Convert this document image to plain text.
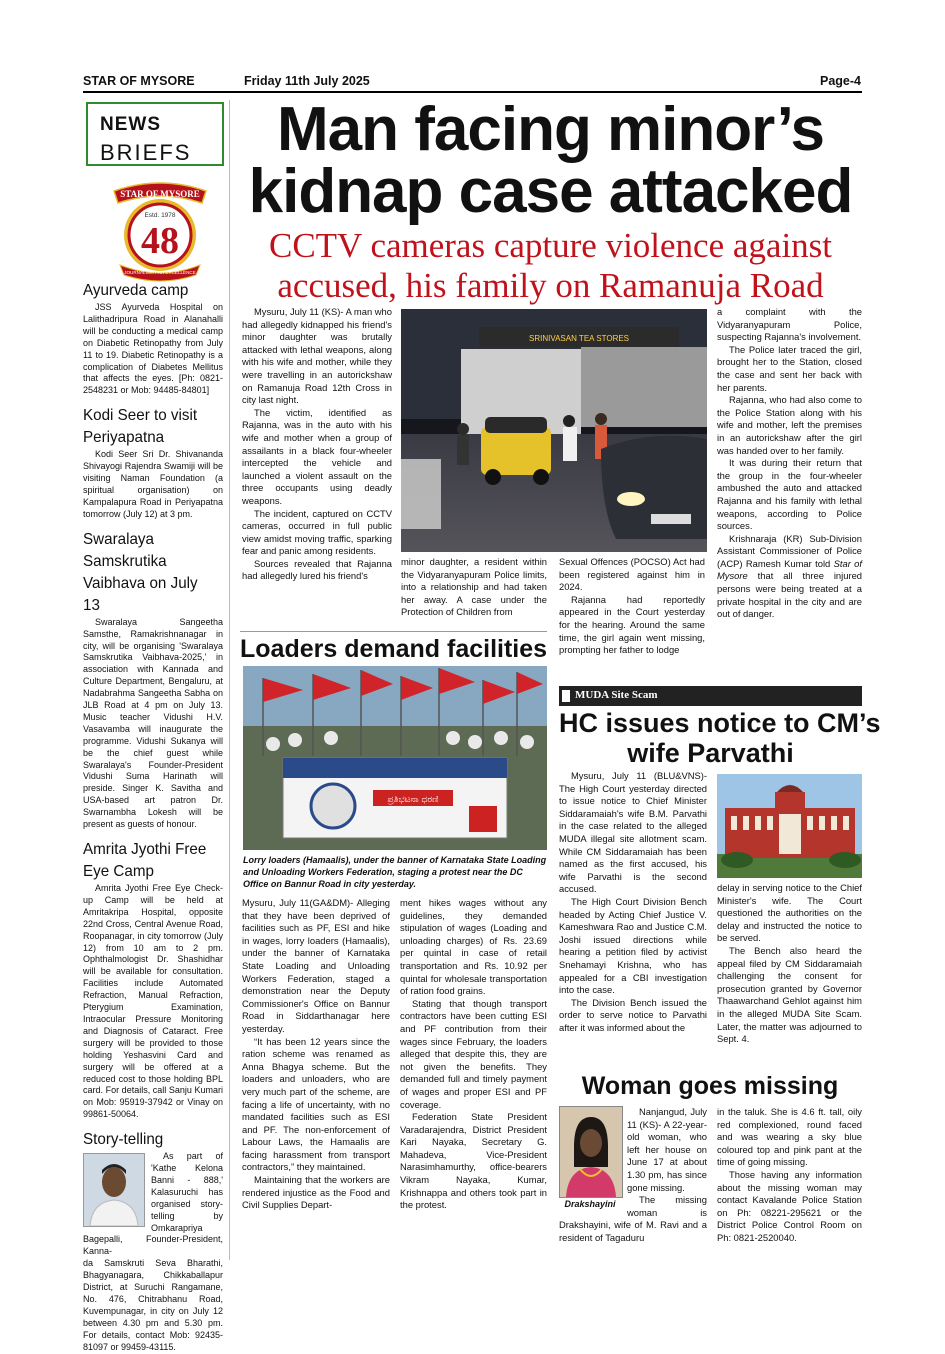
STAR OF MYSORE	Friday 11th July 2025	Page-4
NEWS
BRIEFS
STAR OF MYSORE
Estd. 1978
48
JOURNALISM PAR EXCELLENCE
Ayurveda camp

JSS Ayurveda Hospital on Lalithadripura Road in Alanahalli will be conducting a medical camp on Diabetic Retinopathy from July 11 to 19. Diabetic Retinopathy is a complication of Diabetes Mellitus that affects the eyes. [Ph: 0821-2548231 or Mob: 94485-84801]

Kodi Seer to visit Periyapatna

Kodi Seer Sri Dr. Shivananda Shivayogi Rajendra Swamiji will be visiting Naman Foundation (a spiritual organisation) on Kampalapura Road in Periyapatna tomorrow (July 12) at 3 pm.

Swaralaya Samskrutika Vaibhava on July 13

Swaralaya Sangeetha Samsthe, Ramakrishnanagar in city, will be organising 'Swaralaya Samskrutika Vaibhava-2025,' in association with Kannada and Culture Department, Bengaluru, at Nadabrahma Sangeetha Sabha on JLB Road at 4 pm on July 13. Music teacher Vidushi H.V. Vasavamba will inaugurate the programme. Vidushi Sukanya will be the chief guest while Swaralaya's Founder-President Vidushi Suma Harinath will preside. Singer K. Savitha and USA-based art patron Dr. Swarnambha Lokesh will be present as guests of honour.

Amrita Jyothi Free Eye Camp

Amrita Jyothi Free Eye Check-up Camp will be held at Amritakripa Hospital, opposite 22nd Cross, Central Avenue Road, Roopanagar, in city tomorrow (July 12) from 10 am to 2 pm. Ophthalmologist Dr. Shashidhar will be available for consultation. Facilities include Automated Refraction, Manual Refraction, Pterygium Examination, Intraocular Pressure Monitoring and Diagnosis of Cataract. Free surgery will be provided to those holding Yeshasvini Card and surgery will be offered at a reduced cost to those holding BPL card. For details, call Sanju Kumari on Mob: 95919-37942 or Vinay on 99861-50064.

Story-telling

As part of 'Kathe Kelona Banni - 888,' Kalasuruchi has organised story-telling by Omkarapriya Bagepalli, Founder-President, Kanna-

da Samskruti Seva Bharathi, Bhagyanagara, Chikkaballapur District, at Suruchi Rangamane, No. 476, Chitrabhanu Road, Kuvempunagar, in city on July 12 between 4.30 pm and 5.30 pm. For details, contact Mob: 92435-81097 or 99459-43115.

Man facing minor’s
kidnap case attacked
CCTV cameras capture violence against
accused, his family on Ramanuja Road

Mysuru, July 11 (KS)- A man who had allegedly kidnapped his friend's minor daughter was brutally attacked with lethal weapons, along with his wife and mother, while they were travelling in an autorickshaw on Ramanuja Road 12th Cross in city last night.

The victim, identified as Rajanna, was in the auto with his wife and mother when a group of assailants in a black four-wheeler intercepted the vehicle and launched a violent assault on the three occupants using deadly weapons.

The incident, captured on CCTV cameras, occurred in full public view amidst moving traffic, sparking fear and panic among residents.

Sources revealed that Rajanna had allegedly lured his friend's

SRINIVASAN TEA STORES

minor daughter, a resident within the Vidyaranyapuram Police limits, into a relationship and had taken her away. A case under the Protection of Children from

Sexual Offences (POCSO) Act had been registered against him in 2024.

Rajanna had reportedly appeared in the Court yesterday for the hearing. Around the same time, the girl again went missing, prompting her father to lodge

a complaint with the Vidyaranyapuram Police, suspecting Rajanna's involvement.

The Police later traced the girl, brought her to the Station, closed the case and sent her back with her parents.

Rajanna, who had also come to the Police Station along with his wife and mother, left the premises in an autorickshaw after the girl was handed over to her family.

It was during their return that the group in the four-wheeler ambushed the auto and attacked Rajanna and his family with lethal weapons, according to Police sources.

Krishnaraja (KR) Sub-Division Assistant Commissioner of Police (ACP) Ramesh Kumar told Star of Mysore that all three injured persons were being treated at a private hospital in the city and are out of danger.

Loaders demand facilities
ಪ್ರತಿಭಟನಾ ಧರಣಿ
Lorry loaders (Hamaalis), under the banner of Karnataka State Loading and Unloading Workers Federation, staging a protest near the DC Office on Bannur Road in city yesterday.

Mysuru, July 11(GA&DM)- Alleging that they have been deprived of facilities such as PF, ESI and hike in wages, lorry loaders (Hamaalis), under the banner of Karnataka State Loading and Unloading Workers Federation, staged a demonstration near the Deputy Commissioner's Office on Bannur Road in Siddarthanagar here yesterday.

“It has been 12 years since the ration scheme was renamed as Anna Bhagya scheme. But the loaders and unloaders, who are very much part of the scheme, are facing a life of uncertainty, with no mandated facilities such as ESI and PF. The non-enforcement of Labour Laws, the Hamaalis are facing harassment from transport contractors,” they maintained.

Maintaining that the workers are rendered injustice as the Food and Civil Supplies Depart-

ment hikes wages without any guidelines, they demanded stipulation of wages (Loading and unloading charges) of Rs. 23.69 per quintal in case of retail transportation and Rs. 10.92 per quintal for wholesale transportation of ration food grains.

Stating that though transport contractors have been cutting ESI and PF contribution from their wages since February, the loaders alleged that despite this, they are not given the benefits. They demanded full and timely payment of wages and proper ESI and PF coverage.

Federation State President Varadarajendra, District President Kari Nayaka, Secretary G. Mahadeva, Vice-President Narasimhamurthy, office-bearers Vikram Nayaka, Kumar, Krishnappa and others took part in the protest.

MUDA Site Scam
HC issues notice to CM’s
wife Parvathi

Mysuru, July 11 (BLU&VNS)- The High Court yesterday directed to issue notice to Chief Minister Siddaramaiah's wife B.M. Parvathi in the case related to the alleged MUDA illegal site allotment scam. While CM Siddaramaiah has been named as the first accused, his wife Parvathi is the second accused.

The High Court Division Bench headed by Acting Chief Justice V. Kameshwara Rao and Justice C.M. Joshi issued directions while hearing a petition filed by activist Snehamayi Krishna, who has appealed for a CBI investigation into the case.

The Division Bench issued the order to serve notice to Parvathi after it was informed about the

delay in serving notice to the Chief Minister's wife. The Court questioned the authorities on the delay and instructed the notice to be served.

The Bench also heard the appeal filed by CM Siddaramaiah challenging the consent for prosecution granted by Governor Thaawarchand Gehlot against him in the alleged MUDA Site Scam. Later, the matter was adjourned to Sept. 4.

Woman goes missing
Drakshayini

Nanjangud, July 11 (KS)- A 22-year-old woman, who left her house on June 17 at about 1.30 pm, has since gone missing.

The missing woman is Drakshayini, wife of M. Ravi and a resident of Tagaduru

in the taluk. She is 4.6 ft. tall, oily red complexioned, round faced and was wearing a sky blue coloured top and pink pant at the time of going missing.

Those having any information about the missing woman may contact Kavalande Police Station on Ph: 08221-295621 or the District Police Control Room on Ph: 0821-2520040.
